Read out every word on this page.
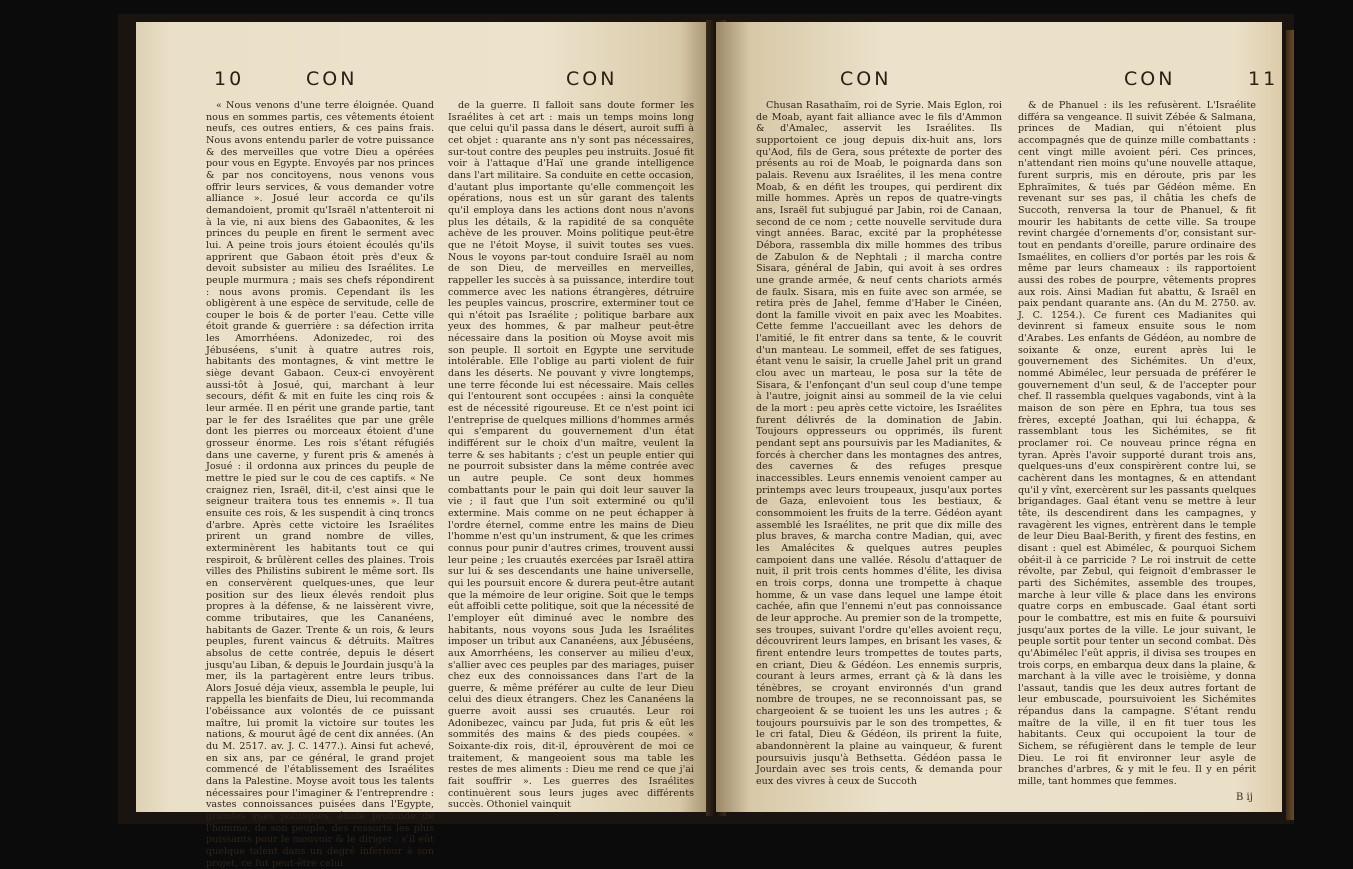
10	CON	CON

« Nous venons d'une terre éloignée. Quand nous en sommes partis, ces vêtements étoient neufs, ces outres entiers, & ces pains frais. Nous avons entendu parler de votre puissance & des merveilles que votre Dieu a opérées pour vous en Egypte. Envoyés par nos princes & par nos concitoyens, nous venons vous offrir leurs services, & vous demander votre alliance ». Josué leur accorda ce qu'ils demandoient, promit qu'Israël n'attenteroit ni à la vie, ni aux biens des Gabaonites, & les princes du peuple en firent le serment avec lui. A peine trois jours étoient écoulés qu'ils apprirent que Gabaon étoit près d'eux & devoit subsister au milieu des Israélites. Le peuple murmura ; mais ses chefs répondirent : nous avons promis. Cependant ils les obligèrent à une espèce de servitude, celle de couper le bois & de porter l'eau. Cette ville étoit grande & guerrière : sa défection irrita les Amorrhéens. Adonizedec, roi des Jébuséens, s'unit à quatre autres rois, habitants des montagnes, & vint mettre le siège devant Gabaon. Ceux-ci envoyèrent aussi-tôt à Josué, qui, marchant à leur secours, défit & mit en fuite les cinq rois & leur armée. Il en périt une grande partie, tant par le fer des Israélites que par une grêle dont les pierres ou morceaux étoient d'une grosseur énorme. Les rois s'étant réfugiés dans une caverne, y furent pris & amenés à Josué : il ordonna aux princes du peuple de mettre le pied sur le cou de ces captifs. « Ne craignez rien, Israël, dit-il, c'est ainsi que le seigneur traitera tous tes ennemis ». Il tua ensuite ces rois, & les suspendit à cinq troncs d'arbre. Après cette victoire les Israélites prirent un grand nombre de villes, exterminèrent les habitants tout ce qui respiroit, & brûlèrent celles des plaines. Trois villes des Philistins subirent le même sort. Ils en conservèrent quelques-unes, que leur position sur des lieux élevés rendoit plus propres à la défense, & ne laissèrent vivre, comme tributaires, que les Cananéens, habitants de Gazer. Trente & un rois, & leurs peuples, furent vaincus & détruits. Maîtres absolus de cette contrée, depuis le désert jusqu'au Liban, & depuis le Jourdain jusqu'à la mer, ils la partagèrent entre leurs tribus. Alors Josué déja vieux, assembla le peuple, lui rappella les bienfaits de Dieu, lui recommanda l'obéissance aux volontés de ce puissant maître, lui promit la victoire sur toutes les nations, & mourut âgé de cent dix années. (An du M. 2517. av. J. C. 1477.). Ainsi fut achevé, en six ans, par ce général, le grand projet commencé de l'établissement des Israélites dans la Palestine. Moyse avoit tous les talents nécessaires pour l'imaginer & l'entreprendre : vastes connoissances puisées dans l'Egypte, grandes vues politiques, étude profonde de l'homme, de son peuple, des ressorts les plus puissants pour le mouvoir & le diriger ; s'il eût quelque talent dans un degré inférieur à son projet, ce fut peut-être celui

de la guerre. Il falloit sans doute former les Israélites à cet art : mais un temps moins long que celui qu'il passa dans le désert, auroit suffi à cet objet : quarante ans n'y sont pas nécessaires, sur-tout contre des peuples peu instruits. Josué fit voir à l'attaque d'Haï une grande intelligence dans l'art militaire. Sa conduite en cette occasion, d'autant plus importante qu'elle commençoit les opérations, nous est un sûr garant des talents qu'il employa dans les actions dont nous n'avons plus les détails, & la rapidité de sa conquête achève de les prouver. Moins politique peut-être que ne l'étoit Moyse, il suivit toutes ses vues. Nous le voyons par-tout conduire Israël au nom de son Dieu, de merveilles en merveilles, rappeller les succès à sa puissance, interdire tout commerce avec les nations étrangères, détruire les peuples vaincus, proscrire, exterminer tout ce qui n'étoit pas Israélite ; politique barbare aux yeux des hommes, & par malheur peut-être nécessaire dans la position où Moyse avoit mis son peuple. Il sortoit en Egypte une servitude intolérable. Elle l'oblige au parti violent de fuir dans les déserts. Ne pouvant y vivre longtemps, une terre féconde lui est nécessaire. Mais celles qui l'entourent sont occupées : ainsi la conquête est de nécessité rigoureuse. Et ce n'est point ici l'entreprise de quelques millions d'hommes armés qui s'emparent du gouvernement d'un état indifférent sur le choix d'un maître, veulent la terre & ses habitants ; c'est un peuple entier qui ne pourroit subsister dans la même contrée avec un autre peuple. Ce sont deux hommes combattants pour le pain qui doit leur sauver la vie ; il faut que l'un soit exterminé ou qu'il extermine. Mais comme on ne peut échapper à l'ordre éternel, comme entre les mains de Dieu l'homme n'est qu'un instrument, & que les crimes connus pour punir d'autres crimes, trouvent aussi leur peine ; les cruautés exercées par Israël attira sur lui & ses descendants une haine universelle, qui les poursuit encore & durera peut-être autant que la mémoire de leur origine. Soit que le temps eût affoibli cette politique, soit que la nécessité de l'employer eût diminué avec le nombre des habitants, nous voyons sous Juda les Israélites imposer un tribut aux Cananéens, aux Jébuséens, aux Amorrhéens, les conserver au milieu d'eux, s'allier avec ces peuples par des mariages, puiser chez eux des connoissances dans l'art de la guerre, & même préférer au culte de leur Dieu celui des dieux étrangers. Chez les Cananéens la guerre avoit aussi ses cruautés. Leur roi Adonibezec, vaincu par Juda, fut pris & eût les sommités des mains & des pieds coupées. « Soixante-dix rois, dit-il, éprouvèrent de moi ce traitement, & mangeoient sous ma table les restes de mes aliments : Dieu me rend ce que j'ai fait souffrir ». Les guerres des Israélites continuèrent sous leurs juges avec différents succès. Othoniel vainquit

CON	CON	11

Chusan Rasathaïm, roi de Syrie. Mais Eglon, roi de Moab, ayant fait alliance avec le fils d'Ammon & d'Amalec, asservit les Israélites. Ils supportoient ce joug depuis dix-huit ans, lors qu'Aod, fils de Gera, sous prétexte de porter des présents au roi de Moab, le poignarda dans son palais. Revenu aux Israélites, il les mena contre Moab, & en défit les troupes, qui perdirent dix mille hommes. Après un repos de quatre-vingts ans, Israël fut subjugué par Jabin, roi de Canaan, second de ce nom ; cette nouvelle servitude dura vingt années. Barac, excité par la prophétesse Débora, rassembla dix mille hommes des tribus de Zabulon & de Nephtali ; il marcha contre Sisara, général de Jabin, qui avoit à ses ordres une grande armée, & neuf cents chariots armés de faulx. Sisara, mis en fuite avec son armée, se retira près de Jahel, femme d'Haber le Cinéen, dont la famille vivoit en paix avec les Moabites. Cette femme l'accueillant avec les dehors de l'amitié, le fit entrer dans sa tente, & le couvrit d'un manteau. Le sommeil, effet de ses fatigues, étant venu le saisir, la cruelle Jahel prit un grand clou avec un marteau, le posa sur la tête de Sisara, & l'enfonçant d'un seul coup d'une tempe à l'autre, joignit ainsi au sommeil de la vie celui de la mort : peu après cette victoire, les Israélites furent délivrés de la domination de Jabin. Toujours oppresseurs ou opprimés, ils furent pendant sept ans poursuivis par les Madianites, & forcés à chercher dans les montagnes des antres, des cavernes & des refuges presque inaccessibles. Leurs ennemis venoient camper au printemps avec leurs troupeaux, jusqu'aux portes de Gaza, enlevoient tous les bestiaux, & consommoient les fruits de la terre. Gédéon ayant assemblé les Israélites, ne prit que dix mille des plus braves, & marcha contre Madian, qui, avec les Amalécites & quelques autres peuples campoient dans une vallée. Résolu d'attaquer de nuit, il prit trois cents hommes d'élite, les divisa en trois corps, donna une trompette à chaque homme, & un vase dans lequel une lampe étoit cachée, afin que l'ennemi n'eut pas connoissance de leur approche. Au premier son de la trompette, ses troupes, suivant l'ordre qu'elles avoient reçu, découvrirent leurs lampes, en brisant les vases, & firent entendre leurs trompettes de toutes parts, en criant, Dieu & Gédéon. Les ennemis surpris, courant à leurs armes, errant çà & là dans les ténèbres, se croyant environnés d'un grand nombre de troupes, ne se reconnoissant pas, se chargeoient & se tuoient les uns les autres ; & toujours poursuivis par le son des trompettes, & le cri fatal, Dieu & Gédéon, ils prirent la fuite, abandonnèrent la plaine au vainqueur, & furent poursuivis jusqu'à Bethsetta. Gédéon passa le Jourdain avec ses trois cents, & demanda pour eux des vivres à ceux de Succoth

& de Phanuel : ils les refusèrent. L'Israélite différa sa vengeance. Il suivit Zébée & Salmana, princes de Madian, qui n'étoient plus accompagnés que de quinze mille combattants : cent vingt mille avoient péri. Ces princes, n'attendant rien moins qu'une nouvelle attaque, furent surpris, mis en déroute, pris par les Ephraïmites, & tués par Gédéon même. En revenant sur ses pas, il châtia les chefs de Succoth, renversa la tour de Phanuel, & fit mourir les habitants de cette ville. Sa troupe revint chargée d'ornements d'or, consistant sur-tout en pendants d'oreille, parure ordinaire des Ismaélites, en colliers d'or portés par les rois & même par leurs chameaux : ils rapportoient aussi des robes de pourpre, vêtements propres aux rois. Ainsi Madian fut abattu, & Israël en paix pendant quarante ans. (An du M. 2750. av. J. C. 1254.). Ce furent ces Madianites qui devinrent si fameux ensuite sous le nom d'Arabes. Les enfants de Gédéon, au nombre de soixante & onze, eurent après lui le gouvernement des Sichémites. Un d'eux, nommé Abimélec, leur persuada de préférer le gouvernement d'un seul, & de l'accepter pour chef. Il rassembla quelques vagabonds, vint à la maison de son père en Ephra, tua tous ses frères, excepté Joathan, qui lui échappa, & rassemblant tous les Sichémites, se fit proclamer roi. Ce nouveau prince régna en tyran. Après l'avoir supporté durant trois ans, quelques-uns d'eux conspirèrent contre lui, se cachèrent dans les montagnes, & en attendant qu'il y vînt, exercèrent sur les passants quelques brigandages. Gaal étant venu se mettre à leur tête, ils descendirent dans les campagnes, y ravagèrent les vignes, entrèrent dans le temple de leur Dieu Baal-Berith, y firent des festins, en disant : quel est Abimélec, & pourquoi Sichem obéit-il à ce parricide ? Le roi instruit de cette révolte, par Zebul, qui feignoit d'embrasser le parti des Sichémites, assemble des troupes, marche à leur ville & place dans les environs quatre corps en embuscade. Gaal étant sorti pour le combattre, est mis en fuite & poursuivi jusqu'aux portes de la ville. Le jour suivant, le peuple sortit pour tenter un second combat. Dès qu'Abimélec l'eût appris, il divisa ses troupes en trois corps, en embarqua deux dans la plaine, & marchant à la ville avec le troisième, y donna l'assaut, tandis que les deux autres fortant de leur embuscade, poursuivoient les Sichémites répandus dans la campagne. S'étant rendu maître de la ville, il en fit tuer tous les habitants. Ceux qui occupoient la tour de Sichem, se réfugièrent dans le temple de leur Dieu. Le roi fit environner leur asyle de branches d'arbres, & y mit le feu. Il y en périt mille, tant hommes que femmes.

B ij
